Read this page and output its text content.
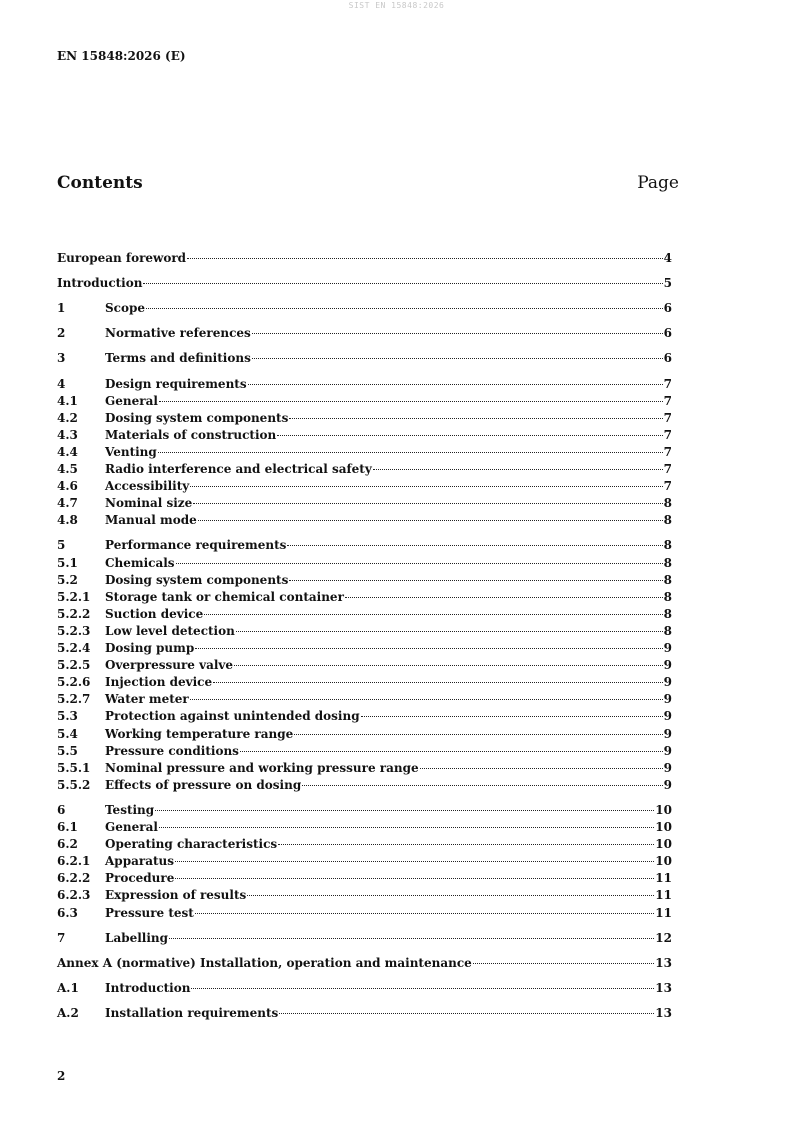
SIST EN 15848:2026
EN 15848:2026 (E)
Contents	Page
European foreword	4
Introduction	5
1	Scope	6
2	Normative references	6
3	Terms and definitions	6
4	Design requirements	7
4.1	General	7
4.2	Dosing system components	7
4.3	Materials of construction	7
4.4	Venting	7
4.5	Radio interference and electrical safety	7
4.6	Accessibility	7
4.7	Nominal size	8
4.8	Manual mode	8
5	Performance requirements	8
5.1	Chemicals	8
5.2	Dosing system components	8
5.2.1	Storage tank or chemical container	8
5.2.2	Suction device	8
5.2.3	Low level detection	8
5.2.4	Dosing pump	9
5.2.5	Overpressure valve	9
5.2.6	Injection device	9
5.2.7	Water meter	9
5.3	Protection against unintended dosing	9
5.4	Working temperature range	9
5.5	Pressure conditions	9
5.5.1	Nominal pressure and working pressure range	9
5.5.2	Effects of pressure on dosing	9
6	Testing	10
6.1	General	10
6.2	Operating characteristics	10
6.2.1	Apparatus	10
6.2.2	Procedure	11
6.2.3	Expression of results	11
6.3	Pressure test	11
7	Labelling	12
Annex A (normative) Installation, operation and maintenance	13
A.1	Introduction	13
A.2	Installation requirements	13
2
